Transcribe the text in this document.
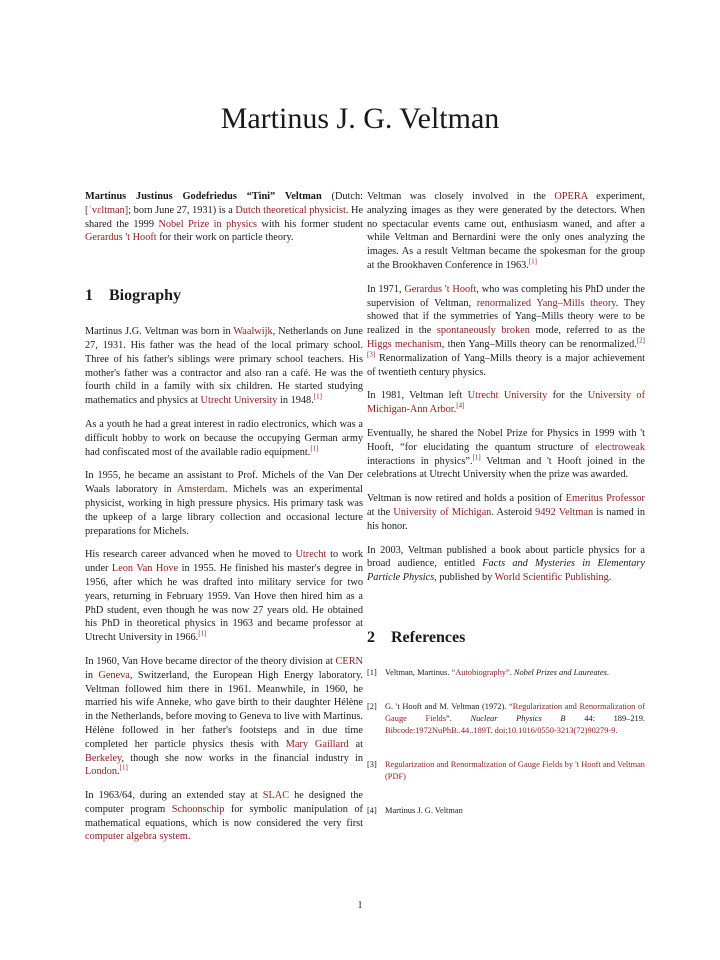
Martinus J. G. Veltman

Martinus Justinus Godefriedus “Tini” Veltman (Dutch: [ˈvɛltman]; born June 27, 1931) is a Dutch theoretical physicist. He shared the 1999 Nobel Prize in physics with his former student Gerardus 't Hooft for their work on particle theory.

1 Biography

Martinus J.G. Veltman was born in Waalwijk, Netherlands on June 27, 1931. His father was the head of the local primary school. Three of his father's siblings were primary school teachers. His mother's father was a contractor and also ran a café. He was the fourth child in a family with six children. He started studying mathematics and physics at Utrecht University in 1948.[1]

As a youth he had a great interest in radio electronics, which was a difficult hobby to work on because the occupying German army had confiscated most of the available radio equipment.[1]

In 1955, he became an assistant to Prof. Michels of the Van Der Waals laboratory in Amsterdam. Michels was an experimental physicist, working in high pressure physics. His primary task was the upkeep of a large library collection and occasional lecture preparations for Michels.

His research career advanced when he moved to Utrecht to work under Leon Van Hove in 1955. He finished his master's degree in 1956, after which he was drafted into military service for two years, returning in February 1959. Van Hove then hired him as a PhD student, even though he was now 27 years old. He obtained his PhD in theoretical physics in 1963 and became professor at Utrecht University in 1966.[1]

In 1960, Van Hove became director of the theory division at CERN in Geneva, Switzerland, the European High Energy laboratory. Veltman followed him there in 1961. Meanwhile, in 1960, he married his wife Anneke, who gave birth to their daughter Hélène in the Netherlands, before moving to Geneva to live with Martinus. Hélène followed in her father's footsteps and in due time completed her particle physics thesis with Mary Gaillard at Berkeley, though she now works in the financial industry in London.[1]

In 1963/64, during an extended stay at SLAC he designed the computer program Schoonschip for symbolic manipulation of mathematical equations, which is now considered the very first computer algebra system.

Veltman was closely involved in the OPERA experiment, analyzing images as they were generated by the detectors. When no spectacular events came out, enthusiasm waned, and after a while Veltman and Bernardini were the only ones analyzing the images. As a result Veltman became the spokesman for the group at the Brookhaven Conference in 1963.[1]

In 1971, Gerardus 't Hooft, who was completing his PhD under the supervision of Veltman, renormalized Yang–Mills theory. They showed that if the symmetries of Yang–Mills theory were to be realized in the spontaneously broken mode, referred to as the Higgs mechanism, then Yang–Mills theory can be renormalized.[2][3] Renormalization of Yang–Mills theory is a major achievement of twentieth century physics.

In 1981, Veltman left Utrecht University for the University of Michigan-Ann Arbor.[4]

Eventually, he shared the Nobel Prize for Physics in 1999 with 't Hooft, “for elucidating the quantum structure of electroweak interactions in physics”.[1] Veltman and 't Hooft joined in the celebrations at Utrecht University when the prize was awarded.

Veltman is now retired and holds a position of Emeritus Professor at the University of Michigan. Asteroid 9492 Veltman is named in his honor.

In 2003, Veltman published a book about particle physics for a broad audience, entitled Facts and Mysteries in Elementary Particle Physics, published by World Scientific Publishing.

2 References
[1] Veltman, Martinus. “Autobiography”. Nobel Prizes and Laureates.
[2] G. 't Hooft and M. Veltman (1972). “Regularization and Renormalization of Gauge Fields”. Nuclear Physics B 44: 189–219. Bibcode:1972NuPhB..44..189T. doi:10.1016/0550-3213(72)90279-9.
[3] Regularization and Renormalization of Gauge Fields by 't Hooft and Veltman (PDF)
[4] Martinus J. G. Veltman
1
